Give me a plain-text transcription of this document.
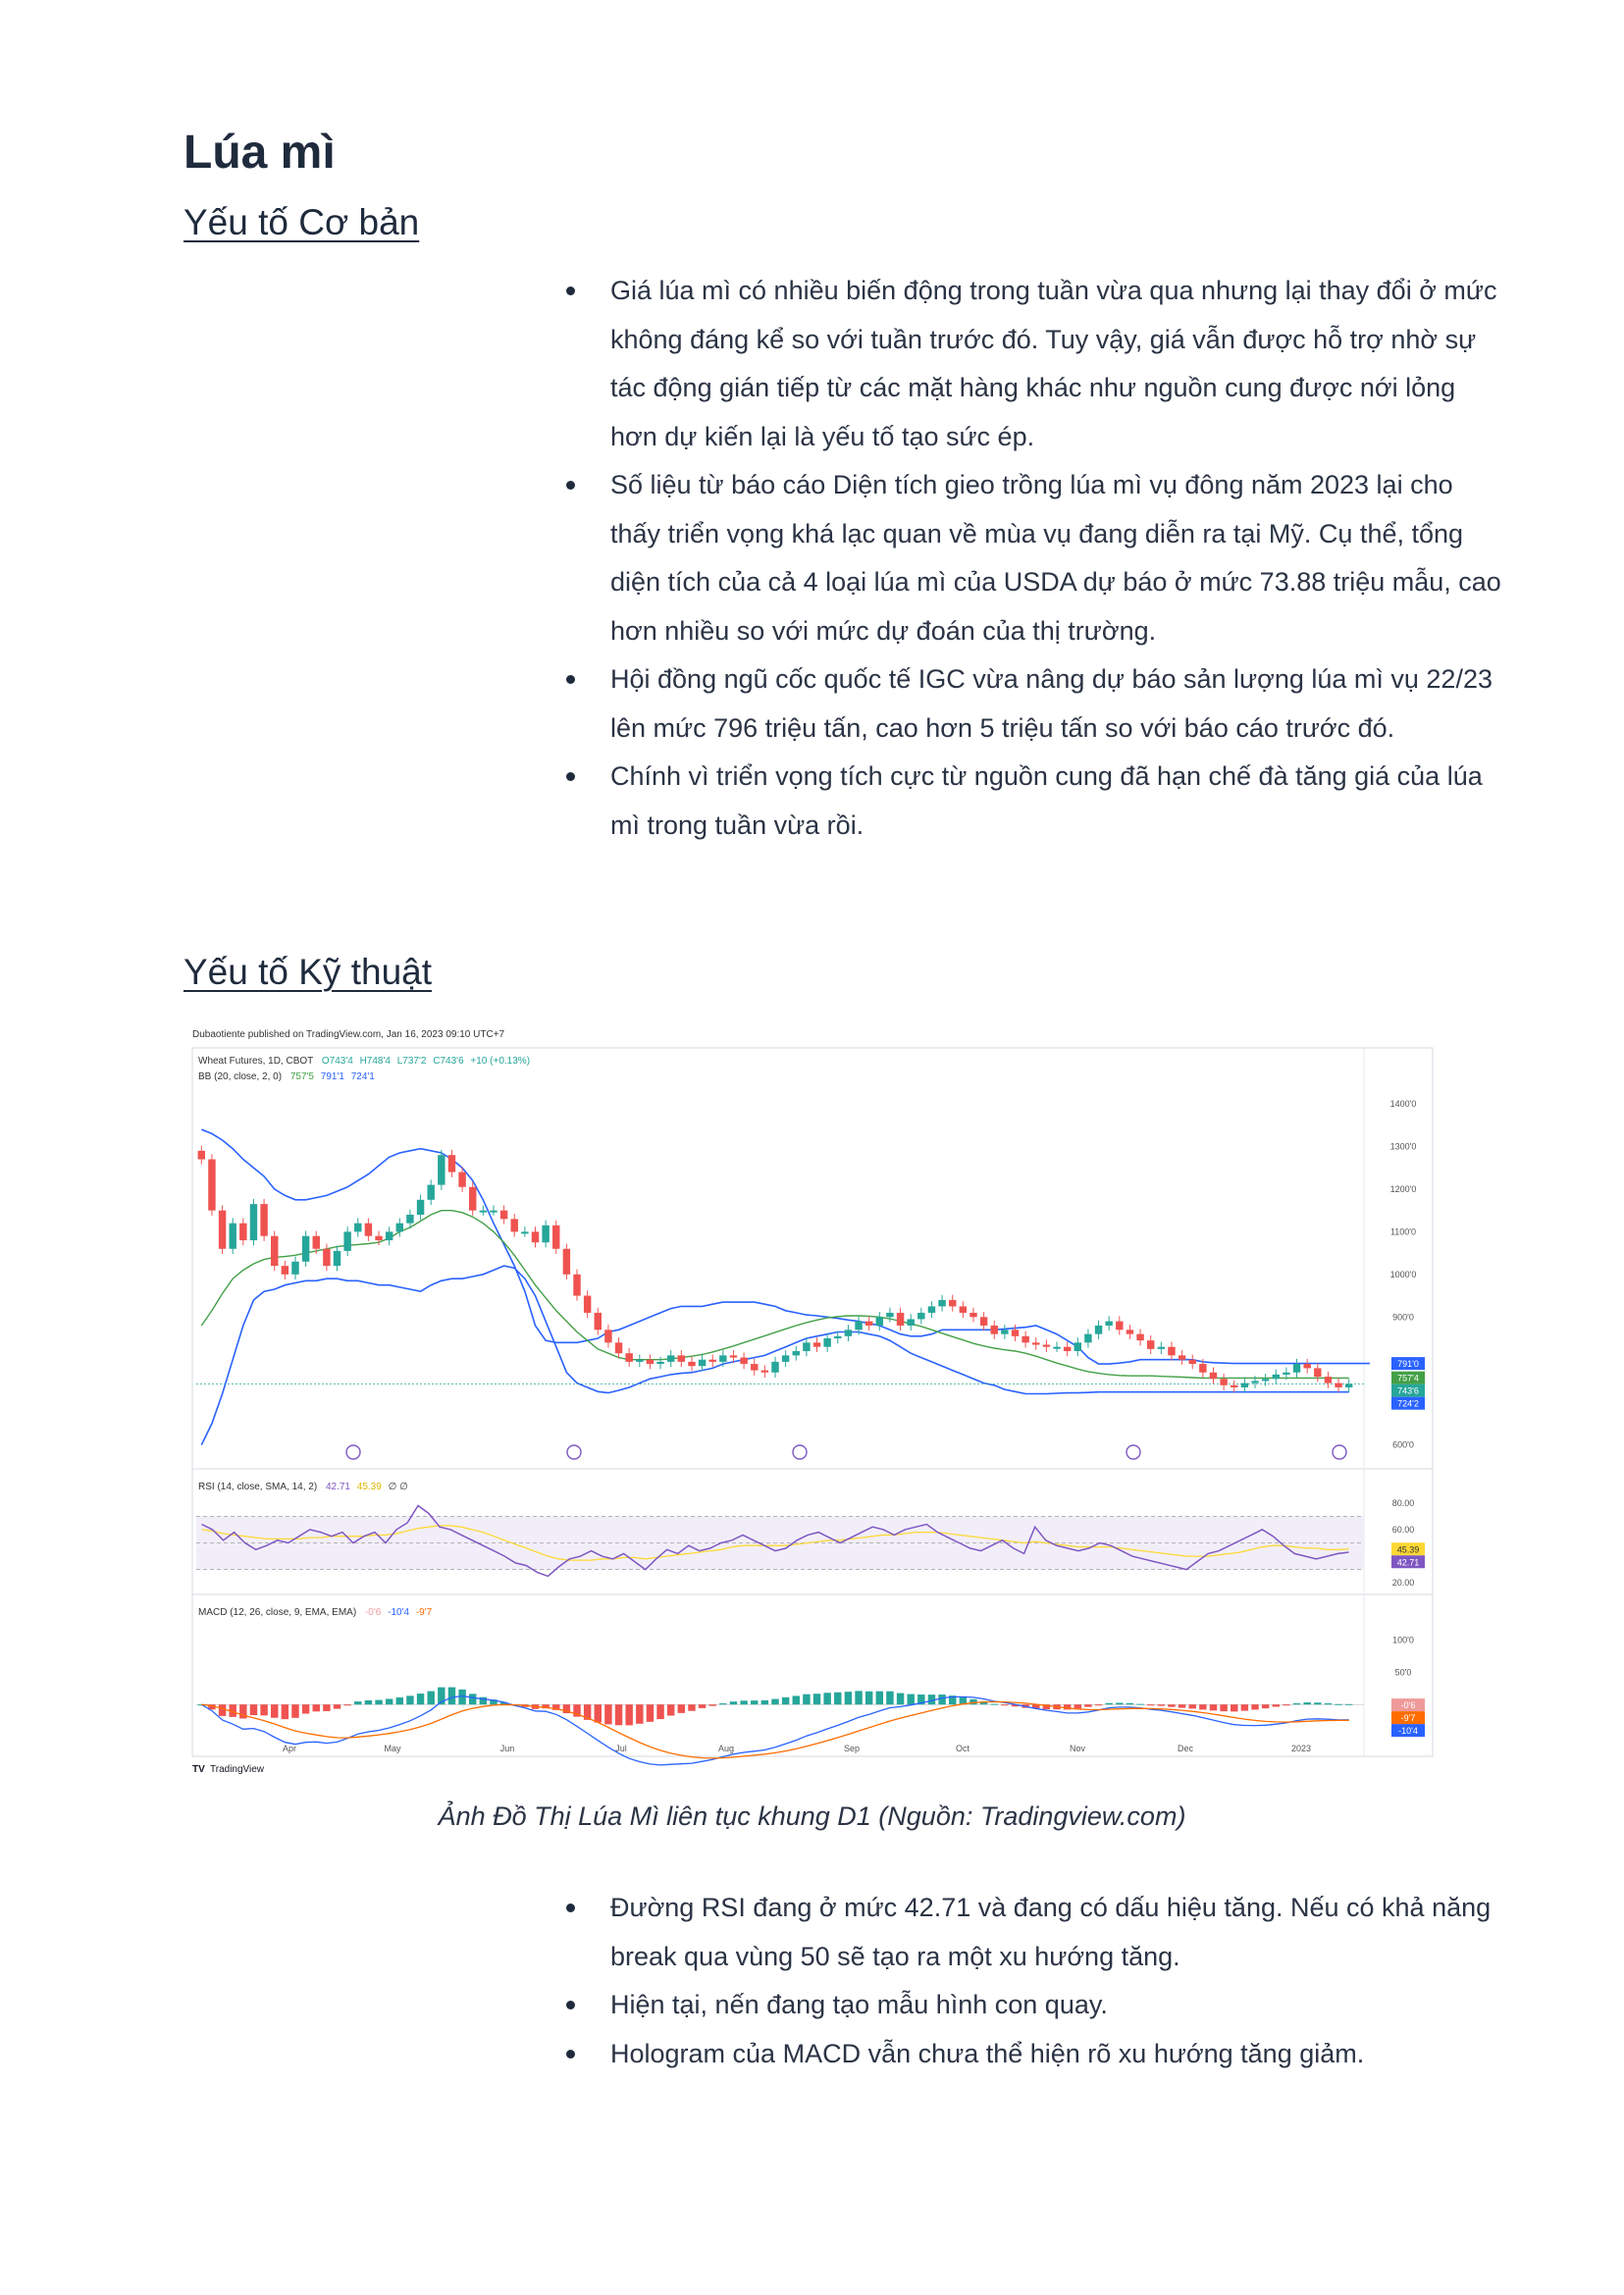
Lúa mì
Yếu tố Cơ bản
Giá lúa mì có nhiều biến động trong tuần vừa qua nhưng lại thay đổi ở mức không đáng kể so với tuần trước đó. Tuy vậy, giá vẫn được hỗ trợ nhờ sự tác động gián tiếp từ các mặt hàng khác như nguồn cung được nới lỏng hơn dự kiến lại là yếu tố tạo sức ép.
Số liệu từ báo cáo Diện tích gieo trồng lúa mì vụ đông năm 2023 lại cho thấy triển vọng khá lạc quan về mùa vụ đang diễn ra tại Mỹ. Cụ thể, tổng diện tích của cả 4 loại lúa mì của USDA dự báo ở mức 73.88 triệu mẫu, cao hơn nhiều so với mức dự đoán của thị trường.
Hội đồng ngũ cốc quốc tế IGC vừa nâng dự báo sản lượng lúa mì vụ 22/23 lên mức 796 triệu tấn, cao hơn 5 triệu tấn so với báo cáo trước đó.
Chính vì triển vọng tích cực từ nguồn cung đã hạn chế đà tăng giá của lúa mì trong tuần vừa rồi.
Yếu tố Kỹ thuật
Dubaotiente published on TradingView.com, Jan 16, 2023 09:10 UTC+7
Wheat Futures, 1D, CBOT O743'4 H748'4 L737'2 C743'6 +10 (+0.13%)
BB (20, close, 2, 0) 757'5 791'1 724'1
RSI (14, close, SMA, 14, 2) 42.71 45.39 ∅ ∅
MACD (12, 26, close, 9, EMA, EMA) -0'6 -10'4 -9'7
TV TradingView
1400'0
1300'0
1200'0
1100'0
1000'0
900'0
600'0
791'0
757'4
743'6
724'2
80.00
60.00
20.00
45.39
42.71
100'0
50'0
-0'6
-9'7
-10'4
Apr	May	Jun	Jul	Aug	Sep	Oct	Nov	Dec	2023
Ảnh Đồ Thị Lúa Mì liên tục khung D1 (Nguồn: Tradingview.com)
Đường RSI đang ở mức 42.71 và đang có dấu hiệu tăng. Nếu có khả năng break qua vùng 50 sẽ tạo ra một xu hướng tăng.
Hiện tại, nến đang tạo mẫu hình con quay.
Hologram của MACD vẫn chưa thể hiện rõ xu hướng tăng giảm.
